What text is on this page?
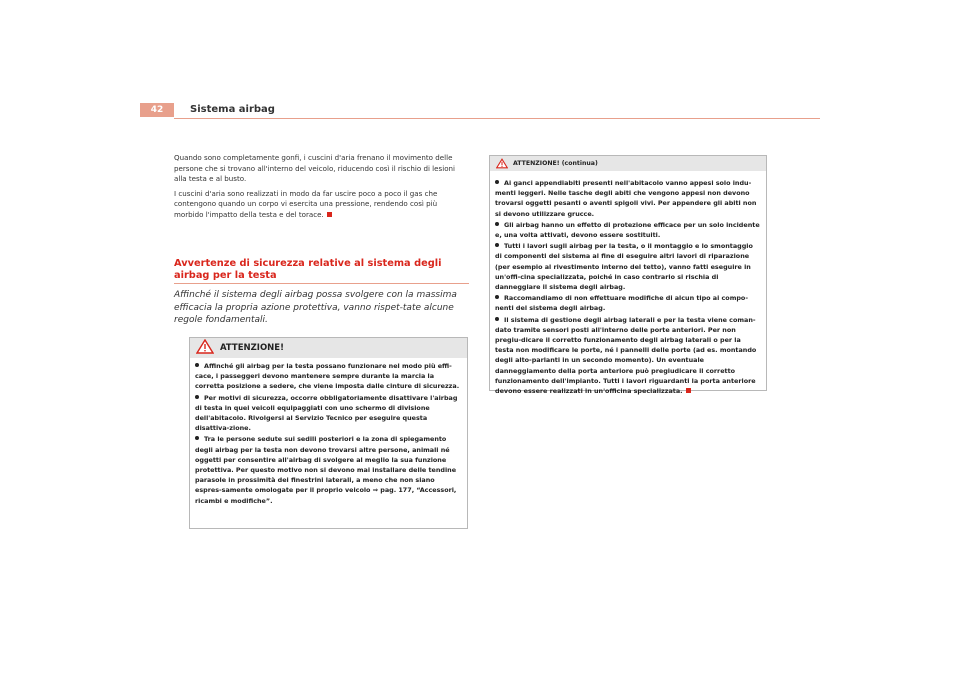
42	Sistema airbag

Quando sono completamente gonfi, i cuscini d'aria frenano il movimento delle persone che si trovano all'interno del veicolo, riducendo così il rischio di lesioni alla testa e al busto.

I cuscini d'aria sono realizzati in modo da far uscire poco a poco il gas che contengono quando un corpo vi esercita una pressione, rendendo così più morbido l'impatto della testa e del torace.

Avvertenze di sicurezza relative al sistema degli airbag per la testa
Affinché il sistema degli airbag possa svolgere con la massima efficacia la propria azione protettiva, vanno rispet-tate alcune regole fondamentali.
ATTENZIONE!

Affinché gli airbag per la testa possano funzionare nel modo più effi-cace, i passeggeri devono mantenere sempre durante la marcia la corretta posizione a sedere, che viene imposta dalle cinture di sicurezza.

Per motivi di sicurezza, occorre obbligatoriamente disattivare l'airbag di testa in quei veicoli equipaggiati con uno schermo di divisione dell'abitacolo. Rivolgersi al Servizio Tecnico per eseguire questa disattiva-zione.

Tra le persone sedute sui sedili posteriori e la zona di spiegamento degli airbag per la testa non devono trovarsi altre persone, animali né oggetti per consentire all'airbag di svolgere al meglio la sua funzione protettiva. Per questo motivo non si devono mai installare delle tendine parasole in prossimità dei finestrini laterali, a meno che non siano espres-samente omologate per il proprio veicolo ⇒ pag. 177, “Accessori, ricambi e modifiche”.

ATTENZIONE! (continua)

Ai ganci appendiabiti presenti nell'abitacolo vanno appesi solo indu-menti leggeri. Nelle tasche degli abiti che vengono appesi non devono trovarsi oggetti pesanti o aventi spigoli vivi. Per appendere gli abiti non si devono utilizzare grucce.

Gli airbag hanno un effetto di protezione efficace per un solo incidente e, una volta attivati, devono essere sostituiti.

Tutti i lavori sugli airbag per la testa, o il montaggio e lo smontaggio di componenti del sistema al fine di eseguire altri lavori di riparazione (per esempio al rivestimento interno del tetto), vanno fatti eseguire in un'offi-cina specializzata, poiché in caso contrario si rischia di danneggiare il sistema degli airbag.

Raccomandiamo di non effettuare modifiche di alcun tipo ai compo-nenti del sistema degli airbag.

Il sistema di gestione degli airbag laterali e per la testa viene coman-dato tramite sensori posti all'interno delle porte anteriori. Per non pregiu-dicare il corretto funzionamento degli airbag laterali o per la testa non modificare le porte, né i pannelli delle porte (ad es. montando degli alto-parlanti in un secondo momento). Un eventuale danneggiamento della porta anteriore può pregiudicare il corretto funzionamento dell'impianto. Tutti i lavori riguardanti la porta anteriore devono essere realizzati in un'officina specializzata.
